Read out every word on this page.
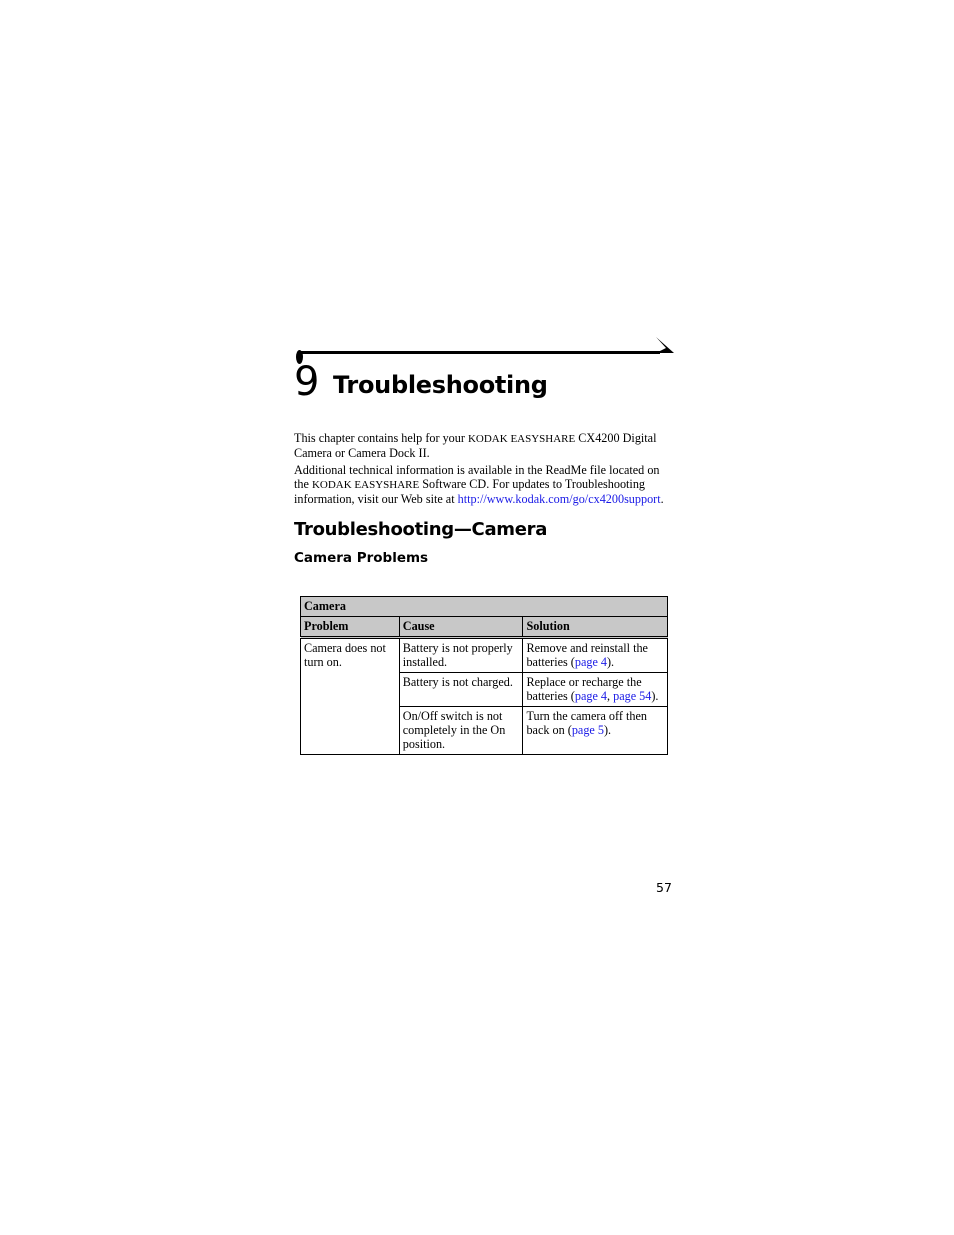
9 Troubleshooting

This chapter contains help for your KODAK EASYSHARE CX4200 Digital Camera or Camera Dock II.

Additional technical information is available in the ReadMe file located on the KODAK EASYSHARE Software CD. For updates to Troubleshooting information, visit our Web site at http://www.kodak.com/go/cx4200support.

Troubleshooting—Camera
Camera Problems
Camera		
Problem	Cause	Solution
Camera does not turn on.	Battery is not properly installed.	Remove and reinstall the batteries (page 4).
	Battery is not charged.	Replace or recharge the batteries (page 4, page 54).
	On/Off switch is not completely in the On position.	Turn the camera off then back on (page 5).
57
